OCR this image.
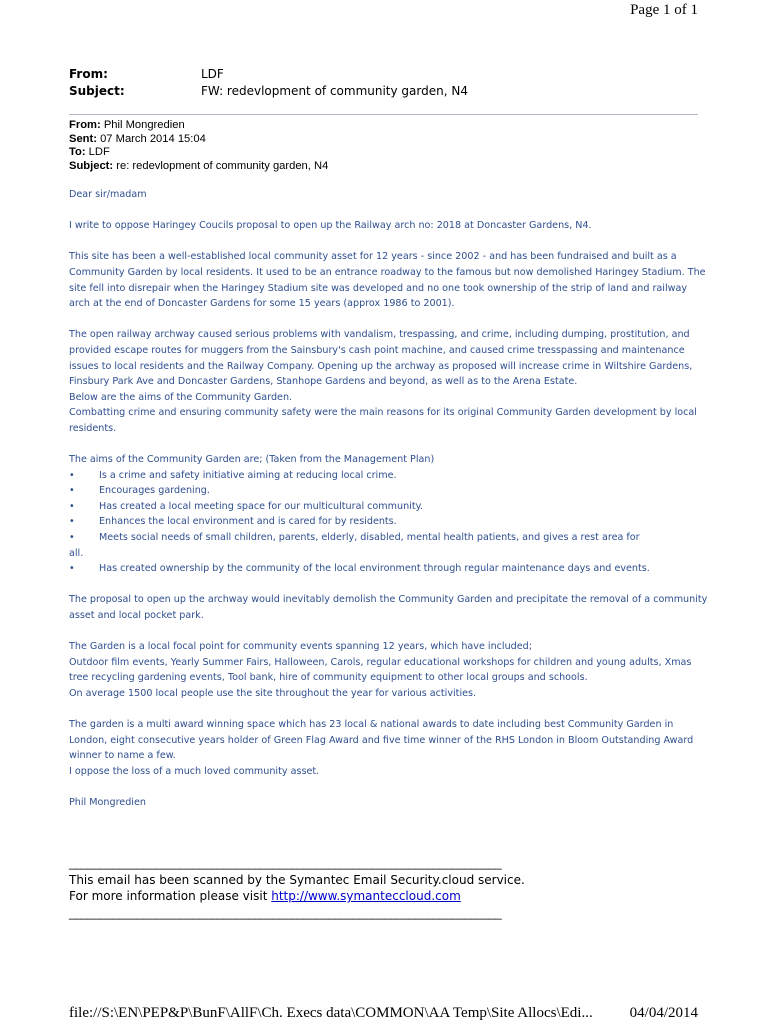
Page 1 of 1
From:	LDF
Subject:	FW: redevlopment of community garden, N4
From: Phil Mongredien
Sent: 07 March 2014 15:04
To: LDF
Subject: re: redevlopment of community garden, N4

Dear sir/madam

I write to oppose Haringey Coucils proposal to open up the Railway arch no: 2018 at Doncaster Gardens, N4.

This site has been a well-established local community asset for 12 years - since 2002 - and has been fundraised and built as a Community Garden by local residents. It used to be an entrance roadway to the famous but now demolished Haringey Stadium. The site fell into disrepair when the Haringey Stadium site was developed and no one took ownership of the strip of land and railway arch at the end of Doncaster Gardens for some 15 years (approx 1986 to 2001).

The open railway archway caused serious problems with vandalism, trespassing, and crime, including dumping, prostitution, and provided escape routes for muggers from the Sainsbury's cash point machine, and caused crime tresspassing and maintenance issues to local residents and the Railway Company. Opening up the archway as proposed will increase crime in Wiltshire Gardens, Finsbury Park Ave and Doncaster Gardens, Stanhope Gardens and beyond, as well as to the Arena Estate.

Below are the aims of the Community Garden.

Combatting crime and ensuring community safety were the main reasons for its original Community Garden development by local residents.

The aims of the Community Garden are; (Taken from the Management Plan)

•	Is a crime and safety initiative aiming at reducing local crime.
•	Encourages gardening.
•	Has created a local meeting space for our multicultural community.
•	Enhances the local environment and is cared for by residents.
•	Meets social needs of small children, parents, elderly, disabled, mental health patients, and gives a rest area for

all.

•	Has created ownership by the community of the local environment through regular maintenance days and events.

The proposal to open up the archway would inevitably demolish the Community Garden and precipitate the removal of a community asset and local pocket park.

The Garden is a local focal point for community events spanning 12 years, which have included;

Outdoor film events, Yearly Summer Fairs, Halloween, Carols, regular educational workshops for children and young adults, Xmas tree recycling gardening events, Tool bank, hire of community equipment to other local groups and schools.

On average 1500 local people use the site throughout the year for various activities.

The garden is a multi award winning space which has 23 local & national awards to date including best Community Garden in London, eight consecutive years holder of Green Flag Award and five time winner of the RHS London in Bloom Outstanding Award winner to name a few.

I oppose the loss of a much loved community asset.

Phil Mongredien

______________________________________________________________________
This email has been scanned by the Symantec Email Security.cloud service.
For more information please visit http://www.symanteccloud.com
______________________________________________________________________
file://S:\EN\PEP&P\BunF\AllF\Ch. Execs data\COMMON\AA Temp\Site Allocs\Edi... 04/04/2014
